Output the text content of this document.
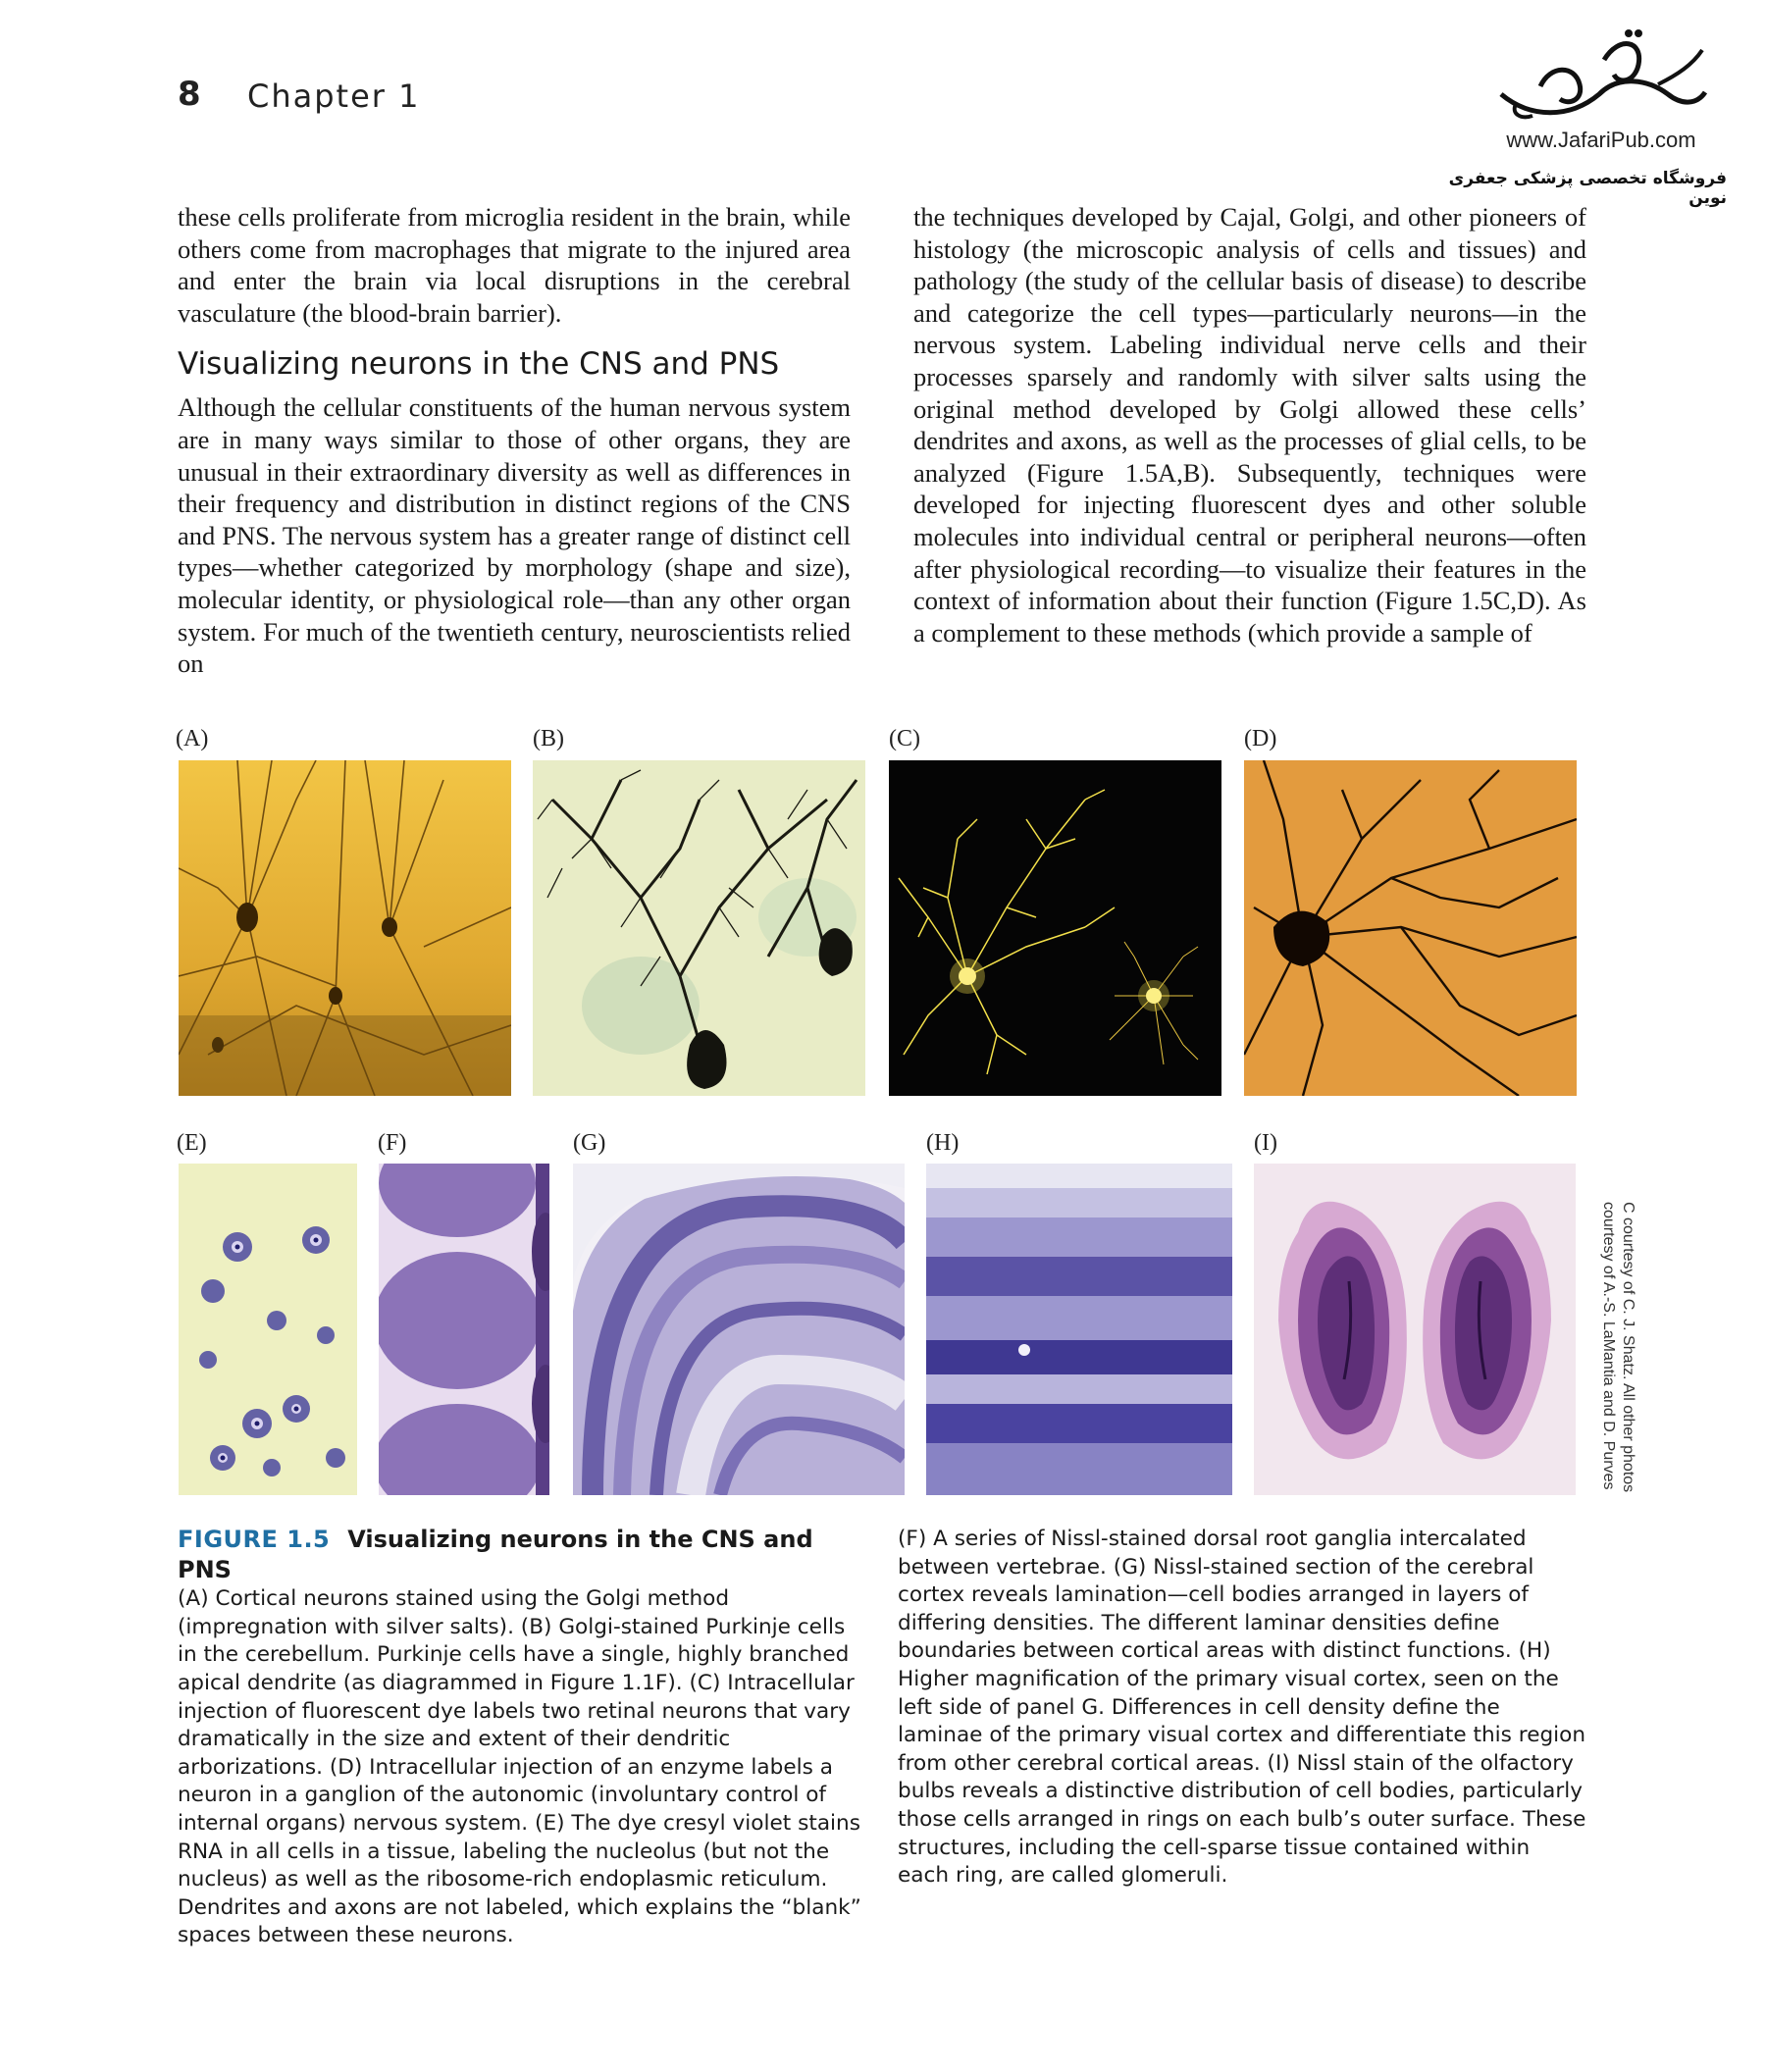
8 Chapter 1
www.JafariPub.com
فروشگاه تخصصی پزشکی جعفری نوین

these cells proliferate from microglia resident in the brain, while others come from macrophages that migrate to the injured area and enter the brain via local disruptions in the cerebral vasculature (the blood-brain barrier).

Visualizing neurons in the CNS and PNS

Although the cellular constituents of the human nervous system are in many ways similar to those of other organs, they are unusual in their extraordinary diversity as well as differences in their frequency and distribution in distinct regions of the CNS and PNS. The nervous system has a greater range of distinct cell types—whether categorized by morphology (shape and size), molecular identity, or physiological role—than any other organ system. For much of the twentieth century, neuroscientists relied on

the techniques developed by Cajal, Golgi, and other pioneers of histology (the microscopic analysis of cells and tissues) and pathology (the study of the cellular basis of disease) to describe and categorize the cell types—particularly neurons—in the nervous system. Labeling individual nerve cells and their processes sparsely and randomly with silver salts using the original method developed by Golgi allowed these cells’ dendrites and axons, as well as the processes of glial cells, to be analyzed (Figure 1.5A,B). Subsequently, techniques were developed for injecting fluorescent dyes and other soluble molecules into individual central or peripheral neurons—often after physiological recording—to visualize their features in the context of information about their function (Figure 1.5C,D). As a complement to these methods (which provide a sample of

(A)	(B)	(C)	(D)
(E)	(F)	(G)	(H)	(I)
C courtesy of C. J. Shatz. All other photos courtesy of A.-S. LaMantia and D. Purves
FIGURE 1.5 Visualizing neurons in the CNS and PNS
(A) Cortical neurons stained using the Golgi method (impregnation with silver salts). (B) Golgi-stained Purkinje cells in the cerebellum. Purkinje cells have a single, highly branched apical dendrite (as diagrammed in Figure 1.1F). (C) Intracellular injection of fluorescent dye labels two retinal neurons that vary dramatically in the size and extent of their dendritic arborizations. (D) Intracellular injection of an enzyme labels a neuron in a ganglion of the autonomic (involuntary control of internal organs) nervous system. (E) The dye cresyl violet stains RNA in all cells in a tissue, labeling the nucleolus (but not the nucleus) as well as the ribosome-rich endoplasmic reticulum. Dendrites and axons are not labeled, which explains the “blank” spaces between these neurons.
(F) A series of Nissl-stained dorsal root ganglia intercalated between vertebrae. (G) Nissl-stained section of the cerebral cortex reveals lamination—cell bodies arranged in layers of differing densities. The different laminar densities define boundaries between cortical areas with distinct functions. (H) Higher magnification of the primary visual cortex, seen on the left side of panel G. Differences in cell density define the laminae of the primary visual cortex and differentiate this region from other cerebral cortical areas. (I) Nissl stain of the olfactory bulbs reveals a distinctive distribution of cell bodies, particularly those cells arranged in rings on each bulb’s outer surface. These structures, including the cell-sparse tissue contained within each ring, are called glomeruli.
